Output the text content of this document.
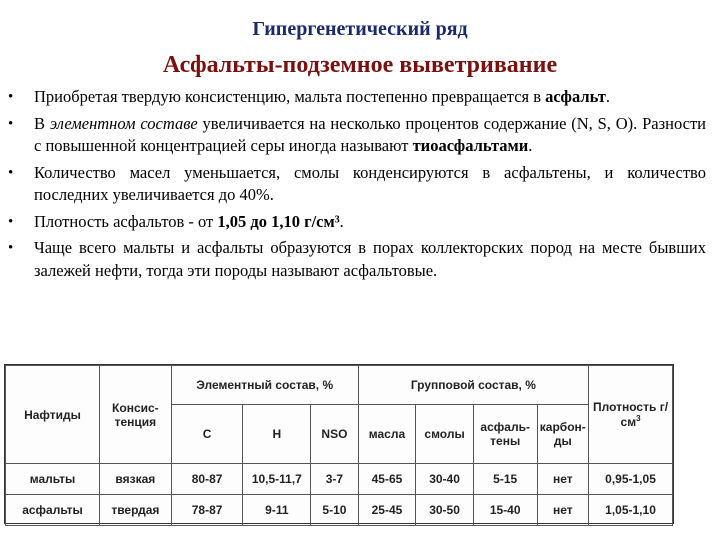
Гипергенетический ряд
Асфальты-подземное выветривание
• Приобретая твердую консистенцию, мальта постепенно превращается в асфальт.
• В элементном составе увеличивается на несколько процентов содержание (N, S, O). Разности с повышенной концентрацией серы иногда называют тиоасфальтами.
• Количество масел уменьшается, смолы конденсируются в асфальтены, и количество последних увеличивается до 40%.
• Плотность асфальтов - от 1,05 до 1,10 г/см³.
• Чаще всего мальты и асфальты образуются в порах коллекторских пород на месте бывших залежей нефти, тогда эти породы называют асфальтовые.
Нафтиды	Консис-тенция	Элементный состав, %			Групповой состав, %				Плотность $г/см^3$
		C	H	NSO	масла	смолы	асфаль-тены	карбон-ды	
мальты	вязкая	80-87	10,5-11,7	3-7	45-65	30-40	5-15	нет	0,95-1,05
асфальты	твердая	78-87	9-11	5-10	25-45	30-50	15-40	нет	1,05-1,10
